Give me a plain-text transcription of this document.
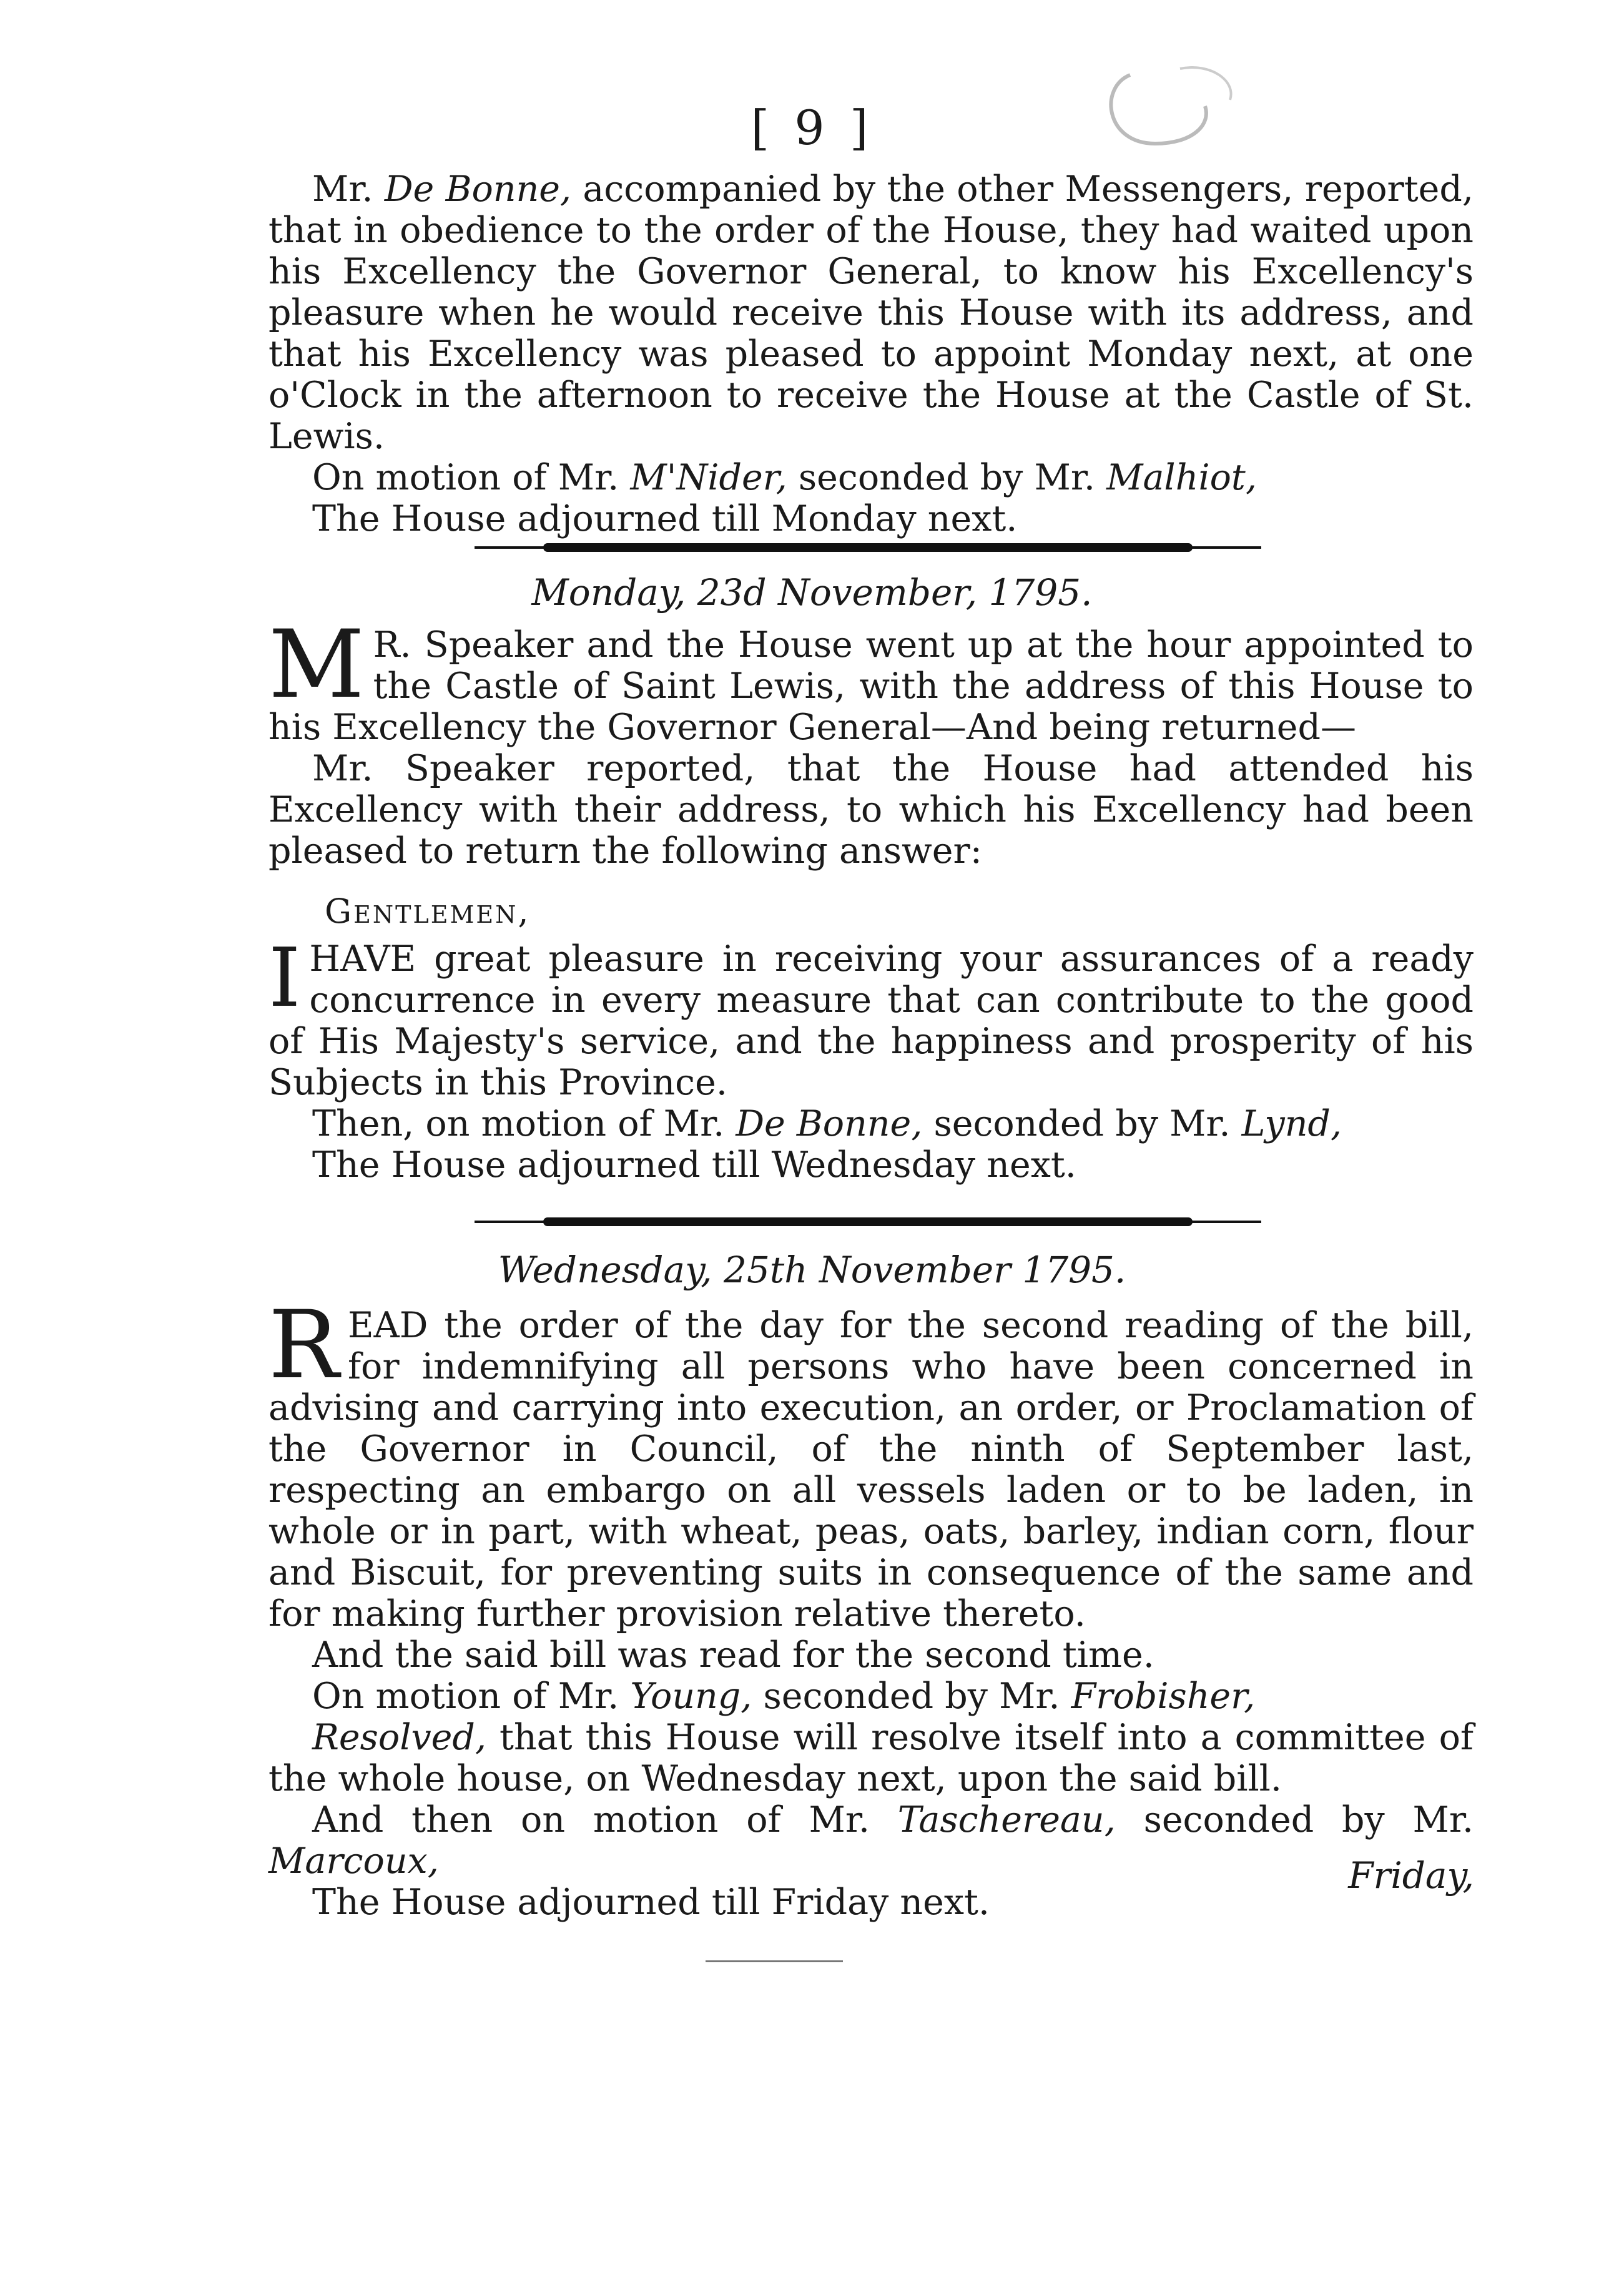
[ 9 ]

Mr. De Bonne, accompanied by the other Messengers, reported, that in obedience to the order of the House, they had waited upon his Excellency the Governor General, to know his Excellency's pleasure when he would receive this House with its address, and that his Excellency was pleased to appoint Monday next, at one o'Clock in the afternoon to receive the House at the Castle of St. Lewis.

On motion of Mr. M'Nider, seconded by Mr. Malhiot,

The House adjourned till Monday next.

Monday, 23d November, 1795.

M R. Speaker and the House went up at the hour appointed to the Castle of Saint Lewis, with the address of this House to his Excellency the Governor General—And being returned—

Mr. Speaker reported, that the House had attended his Excellency with their address, to which his Excellency had been pleased to return the following answer:

Gentlemen,

IHAVE great pleasure in receiving your assurances of a ready concurrence in every measure that can contribute to the good of His Majesty's service, and the happiness and prosperity of his Subjects in this Province.

Then, on motion of Mr. De Bonne, seconded by Mr. Lynd,

The House adjourned till Wednesday next.

Wednesday, 25th November 1795.

READ the order of the day for the second reading of the bill, for indemnifying all persons who have been concerned in advising and carrying into execution, an order, or Proclamation of the Governor in Council, of the ninth of September last, respecting an embargo on all vessels laden or to be laden, in whole or in part, with wheat, peas, oats, barley, indian corn, flour and Biscuit, for preventing suits in consequence of the same and for making further provision relative thereto.

And the said bill was read for the second time.

On motion of Mr. Young, seconded by Mr. Frobisher,

Resolved, that this House will resolve itself into a committee of the whole house, on Wednesday next, upon the said bill.

And then on motion of Mr. Taschereau, seconded by Mr. Marcoux,

The House adjourned till Friday next.

Friday,
